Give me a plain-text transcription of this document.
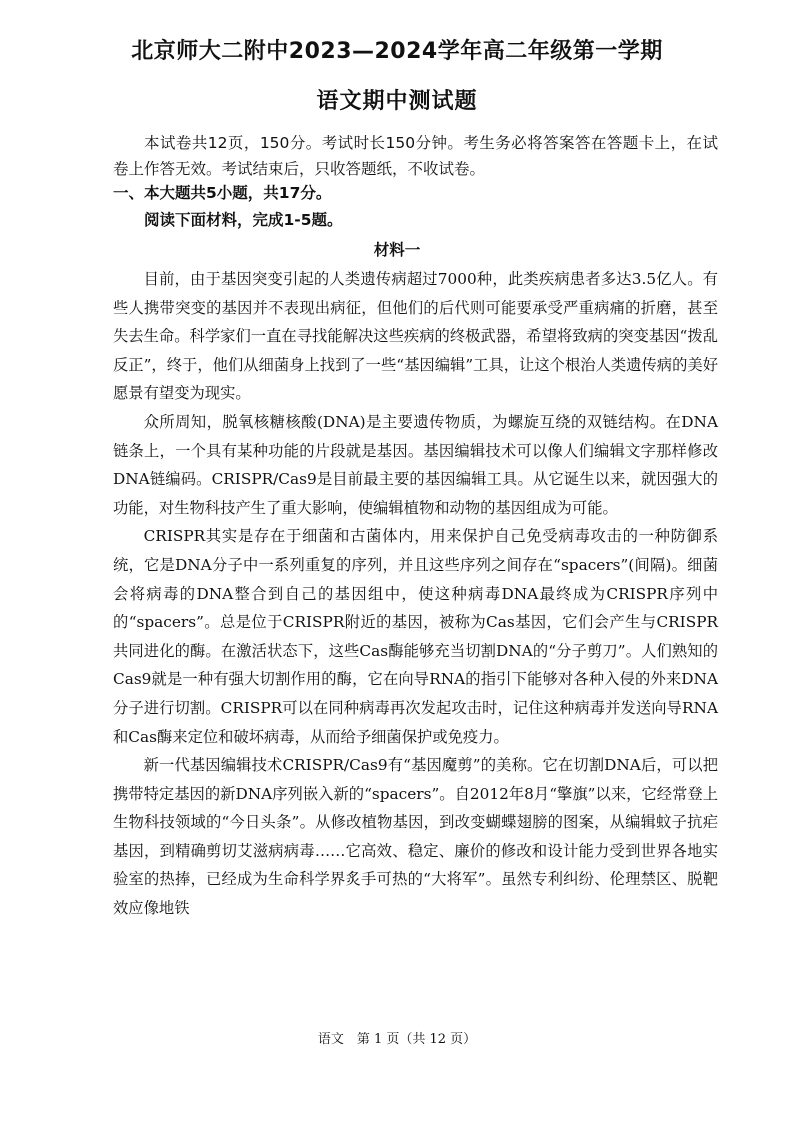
北京师大二附中2023—2024学年高二年级第一学期
语文期中测试题
本试卷共12页，150分。考试时长150分钟。考生务必将答案答在答题卡上，在试卷上作答无效。考试结束后，只收答题纸，不收试卷。
一、本大题共5小题，共17分。
阅读下面材料，完成1-5题。
材料一

目前，由于基因突变引起的人类遗传病超过7000种，此类疾病患者多达3.5亿人。有些人携带突变的基因并不表现出病征，但他们的后代则可能要承受严重病痛的折磨，甚至失去生命。科学家们一直在寻找能解决这些疾病的终极武器，希望将致病的突变基因“拨乱反正”，终于，他们从细菌身上找到了一些“基因编辑”工具，让这个根治人类遗传病的美好愿景有望变为现实。

众所周知，脱氧核糖核酸(DNA)是主要遗传物质，为螺旋互绕的双链结构。在DNA链条上，一个具有某种功能的片段就是基因。基因编辑技术可以像人们编辑文字那样修改DNA链编码。CRISPR/Cas9是目前最主要的基因编辑工具。从它诞生以来，就因强大的功能，对生物科技产生了重大影响，使编辑植物和动物的基因组成为可能。

CRISPR其实是存在于细菌和古菌体内，用来保护自己免受病毒攻击的一种防御系统，它是DNA分子中一系列重复的序列，并且这些序列之间存在“spacers”(间隔)。细菌会将病毒的DNA整合到自己的基因组中，使这种病毒DNA最终成为CRISPR序列中的“spacers”。总是位于CRISPR附近的基因，被称为Cas基因，它们会产生与CRISPR共同进化的酶。在激活状态下，这些Cas酶能够充当切割DNA的“分子剪刀”。人们熟知的Cas9就是一种有强大切割作用的酶，它在向导RNA的指引下能够对各种入侵的外来DNA分子进行切割。CRISPR可以在同种病毒再次发起攻击时，记住这种病毒并发送向导RNA和Cas酶来定位和破坏病毒，从而给予细菌保护或免疫力。

新一代基因编辑技术CRISPR/Cas9有“基因魔剪”的美称。它在切割DNA后，可以把携带特定基因的新DNA序列嵌入新的“spacers”。自2012年8月“擎旗”以来，它经常登上生物科技领域的“今日头条”。从修改植物基因，到改变蝴蝶翅膀的图案，从编辑蚊子抗疟基因，到精确剪切艾滋病病毒……它高效、稳定、廉价的修改和设计能力受到世界各地实验室的热捧，已经成为生命科学界炙手可热的“大将军”。虽然专利纠纷、伦理禁区、脱靶效应像地铁

语文　第 1 页（共 12 页）
